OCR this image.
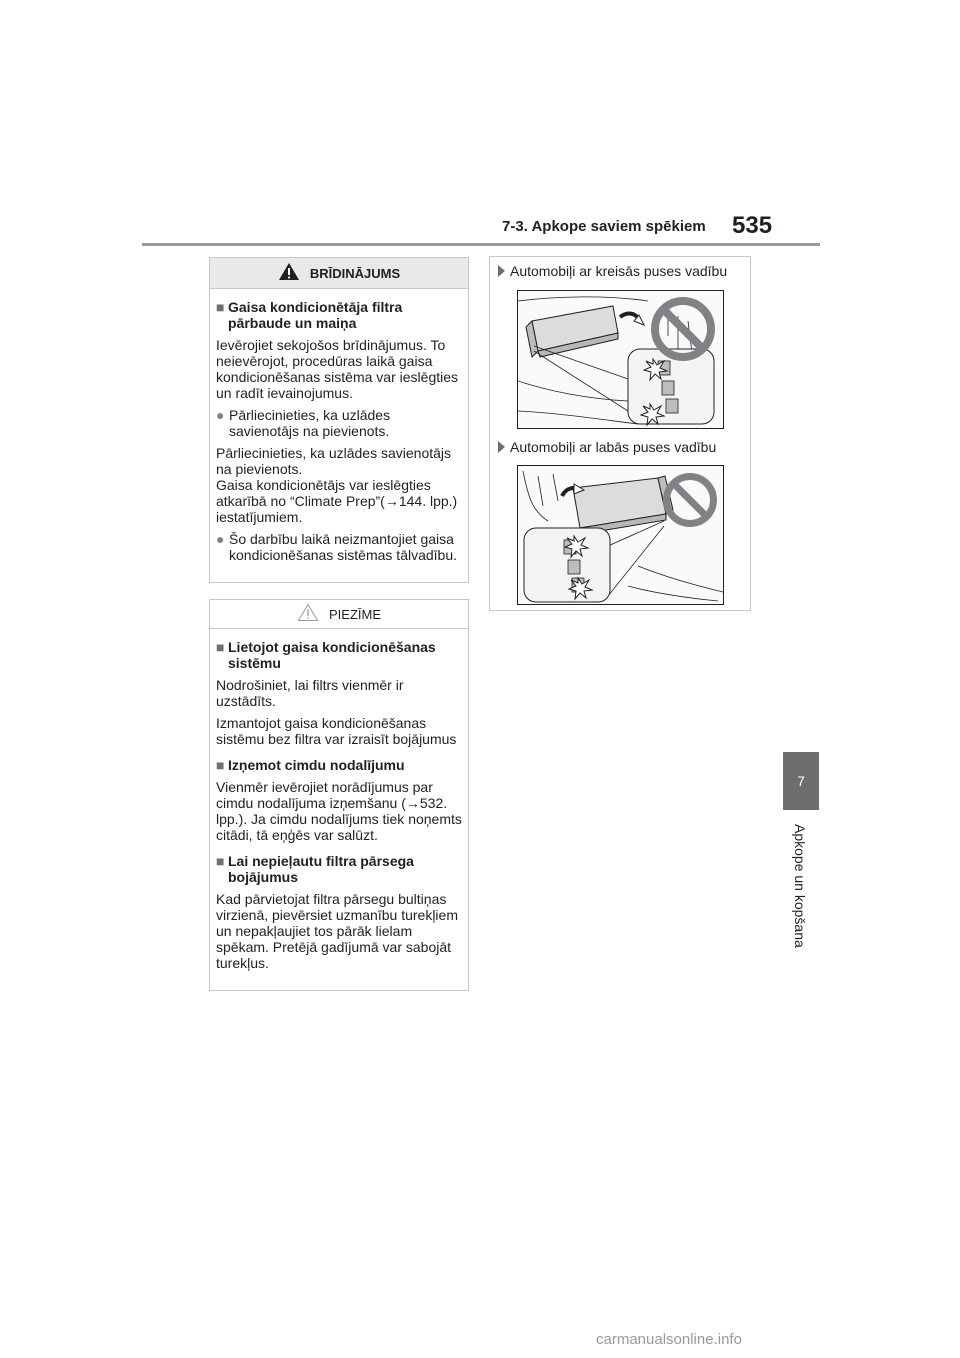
7-3. Apkope saviem spēkiem 535
7
Apkope un kopšana
BRĪDINĀJUMS
■ Gaisa kondicionētāja filtra pārbaude un maiņa
Ievērojiet sekojošos brīdinājumus. To neievērojot, procedūras laikā gaisa kondicionēšanas sistēma var ieslēgties un radīt ievainojumus.
● Pārliecinieties, ka uzlādes savienotājs na pievienots.
Pārliecinieties, ka uzlādes savienotājs na pievienots.
Gaisa kondicionētājs var ieslēgties atkarībā no “Climate Prep”(→144. lpp.) iestatījumiem.
● Šo darbību laikā neizmantojiet gaisa kondicionēšanas sistēmas tālvadību.
PIEZĪME
■ Lietojot gaisa kondicionēšanas sistēmu
Nodrošiniet, lai filtrs vienmēr ir uzstādīts.
Izmantojot gaisa kondicionēšanas sistēmu bez filtra var izraisīt bojājumus
■ Izņemot cimdu nodalījumu
Vienmēr ievērojiet norādījumus par cimdu nodalījuma izņemšanu (→532. lpp.). Ja cimdu nodalījums tiek noņemts citādi, tā eņģēs var salūzt.
■ Lai nepieļautu filtra pārsega bojājumus
Kad pārvietojat filtra pārsegu bultiņas virzienā, pievērsiet uzmanību turekļiem un nepakļaujiet tos pārāk lielam spēkam. Pretējā gadījumā var sabojāt turekļus.
Automobiļi ar kreisās puses vadību
Automobiļi ar labās puses vadību
carmanualsonline.info
